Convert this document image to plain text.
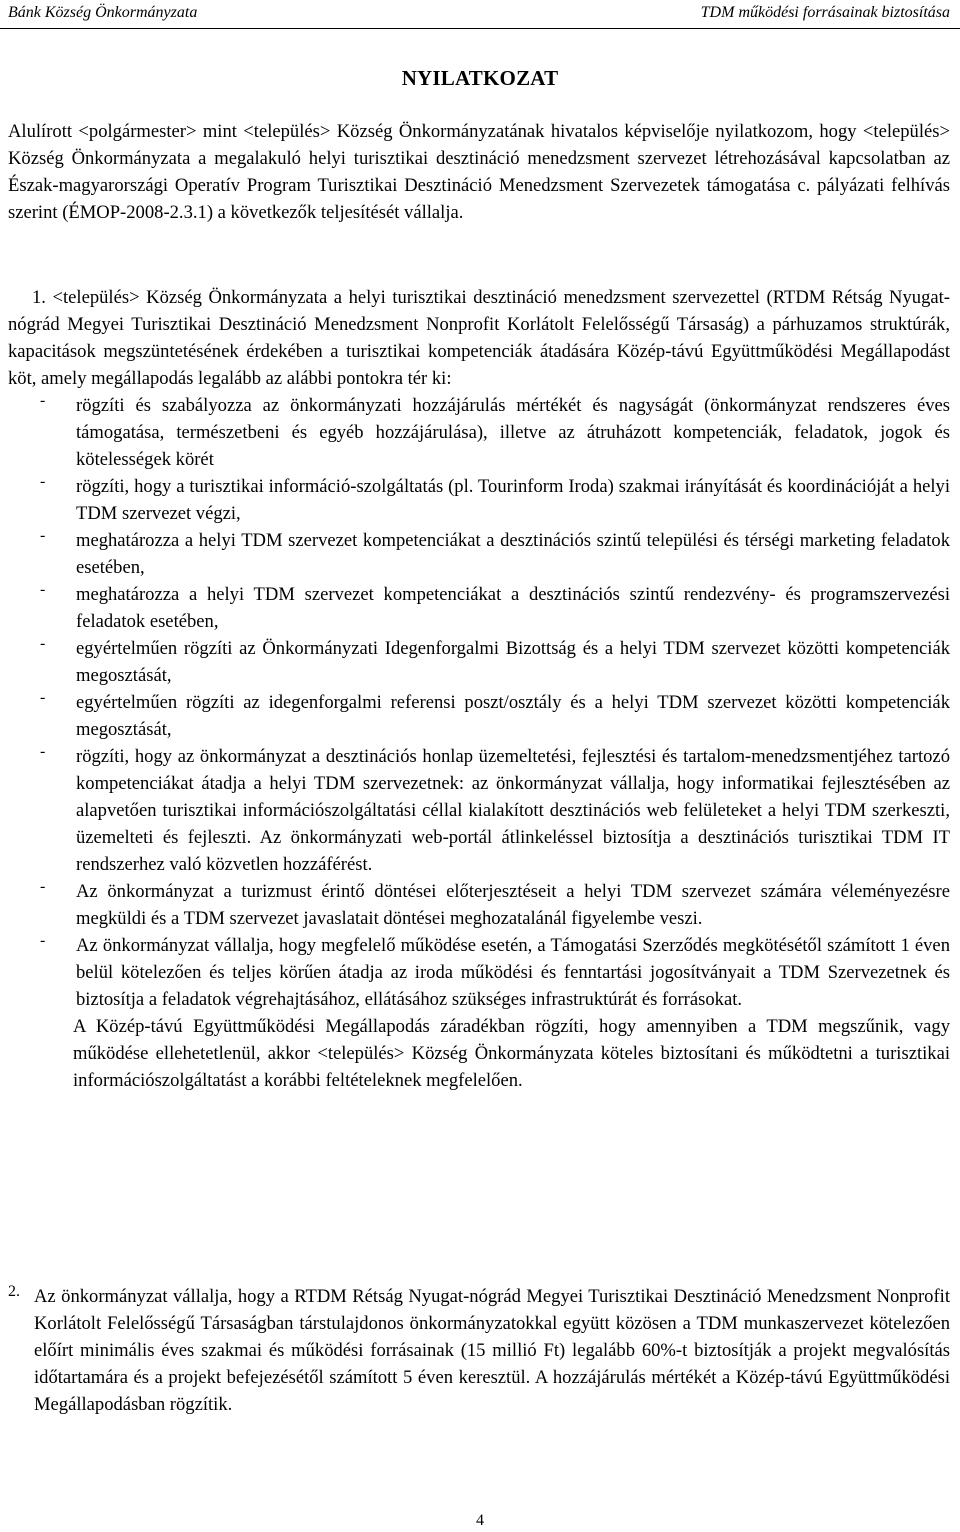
Bánk Község Önkormányzata	TDM működési forrásainak biztosítása
NYILATKOZAT

Alulírott <polgármester> mint <település> Község Önkormányzatának hivatalos képviselője nyilatkozom, hogy <település> Község Önkormányzata a megalakuló helyi turisztikai desztináció menedzsment szervezet létrehozásával kapcsolatban az Észak-magyarországi Operatív Program Turisztikai Desztináció Menedzsment Szervezetek támogatása c. pályázati felhívás szerint (ÉMOP-2008-2.3.1) a következők teljesítését vállalja.

1. <település> Község Önkormányzata a helyi turisztikai desztináció menedzsment szervezettel (RTDM Rétság Nyugat-nógrád Megyei Turisztikai Desztináció Menedzsment Nonprofit Korlátolt Felelősségű Társaság) a párhuzamos struktúrák, kapacitások megszüntetésének érdekében a turisztikai kompetenciák átadására Közép-távú Együttműködési Megállapodást köt, amely megállapodás legalább az alábbi pontokra tér ki:

- rögzíti és szabályozza az önkormányzati hozzájárulás mértékét és nagyságát (önkormányzat rendszeres éves támogatása, természetbeni és egyéb hozzájárulása), illetve az átruházott kompetenciák, feladatok, jogok és kötelességek körét

- rögzíti, hogy a turisztikai információ-szolgáltatás (pl. Tourinform Iroda) szakmai irányítását és koordinációját a helyi TDM szervezet végzi,

- meghatározza a helyi TDM szervezet kompetenciákat a desztinációs szintű települési és térségi marketing feladatok esetében,

- meghatározza a helyi TDM szervezet kompetenciákat a desztinációs szintű rendezvény- és programszervezési feladatok esetében,

- egyértelműen rögzíti az Önkormányzati Idegenforgalmi Bizottság és a helyi TDM szervezet közötti kompetenciák megosztását,

- egyértelműen rögzíti az idegenforgalmi referensi poszt/osztály és a helyi TDM szervezet közötti kompetenciák megosztását,

- rögzíti, hogy az önkormányzat a desztinációs honlap üzemeltetési, fejlesztési és tartalom-menedzsmentjéhez tartozó kompetenciákat átadja a helyi TDM szervezetnek: az önkormányzat vállalja, hogy informatikai fejlesztésében az alapvetően turisztikai információszolgáltatási céllal kialakított desztinációs web felületeket a helyi TDM szerkeszti, üzemelteti és fejleszti. Az önkormányzati web-portál átlinkeléssel biztosítja a desztinációs turisztikai TDM IT rendszerhez való közvetlen hozzáférést.

- Az önkormányzat a turizmust érintő döntései előterjesztéseit a helyi TDM szervezet számára véleményezésre megküldi és a TDM szervezet javaslatait döntései meghozatalánál figyelembe veszi.

- Az önkormányzat vállalja, hogy megfelelő működése esetén, a Támogatási Szerződés megkötésétől számított 1 éven belül kötelezően és teljes körűen átadja az iroda működési és fenntartási jogosítványait a TDM Szervezetnek és biztosítja a feladatok végrehajtásához, ellátásához szükséges infrastruktúrát és forrásokat.

A Közép-távú Együttműködési Megállapodás záradékban rögzíti, hogy amennyiben a TDM megszűnik, vagy működése ellehetetlenül, akkor <település> Község Önkormányzata köteles biztosítani és működtetni a turisztikai információszolgáltatást a korábbi feltételeknek megfelelően.

2. Az önkormányzat vállalja, hogy a RTDM Rétság Nyugat-nógrád Megyei Turisztikai Desztináció Menedzsment Nonprofit Korlátolt Felelősségű Társaságban társtulajdonos önkormányzatokkal együtt közösen a TDM munkaszervezet kötelezően előírt minimális éves szakmai és működési forrásainak (15 millió Ft) legalább 60%-t biztosítják a projekt megvalósítás időtartamára és a projekt befejezésétől számított 5 éven keresztül. A hozzájárulás mértékét a Közép-távú Együttműködési Megállapodásban rögzítik.

4
